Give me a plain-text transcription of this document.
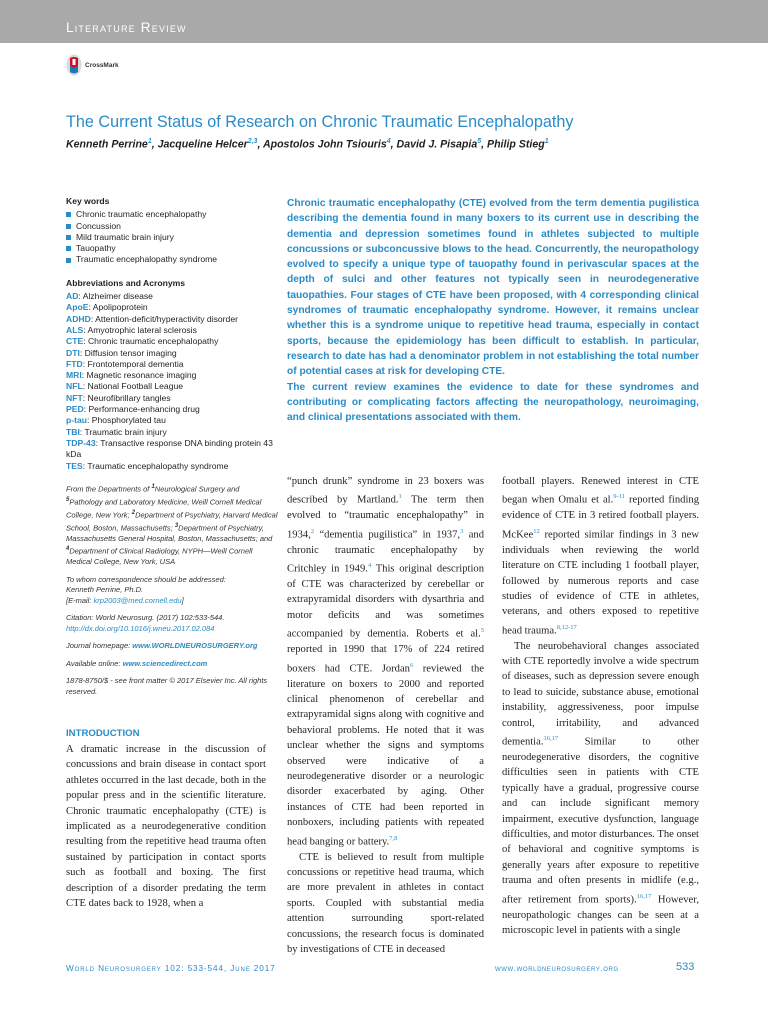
Literature Review
CrossMark
The Current Status of Research on Chronic Traumatic Encephalopathy
Kenneth Perrine$^1$, Jacqueline Helcer$^{2,3}$, Apostolos John Tsiouris$^4$, David J. Pisapia$^5$, Philip Stieg$^1$
Key words
Chronic traumatic encephalopathy
Concussion
Mild traumatic brain injury
Tauopathy
Traumatic encephalopathy syndrome
Abbreviations and Acronyms
AD: Alzheimer disease
ApoE: Apolipoprotein
ADHD: Attention-deficit/hyperactivity disorder
ALS: Amyotrophic lateral sclerosis
CTE: Chronic traumatic encephalopathy
DTI: Diffusion tensor imaging
FTD: Frontotemporal dementia
MRI: Magnetic resonance imaging
NFL: National Football League
NFT: Neurofibrillary tangles
PED: Performance-enhancing drug
p-tau: Phosphorylated tau
TBI: Traumatic brain injury
TDP-43: Transactive response DNA binding protein 43 kDa
TES: Traumatic encephalopathy syndrome

From the Departments of $^1$Neurological Surgery and $^5$Pathology and Laboratory Medicine, Weill Cornell Medical College, New York; $^2$Department of Psychiatry, Harvard Medical School, Boston, Massachusetts; $^3$Department of Psychiatry, Massachusetts General Hospital, Boston, Massachusetts; and $^4$Department of Clinical Radiology, NYPH—Weill Cornell Medical College, New York, USA

To whom correspondence should be addressed:
Kenneth Perrine, Ph.D.
[E-mail: krp2003@med.cornell.edu]

Citation: World Neurosurg. (2017) 102:533-544.
http://dx.doi.org/10.1016/j.wneu.2017.02.084

Journal homepage: www.WORLDNEUROSURGERY.org

Available online: www.sciencedirect.com

1878-8750/$ - see front matter © 2017 Elsevier Inc. All rights reserved.

Chronic traumatic encephalopathy (CTE) evolved from the term dementia pugilistica describing the dementia found in many boxers to its current use in describing the dementia and depression sometimes found in athletes subjected to multiple concussions or subconcussive blows to the head. Concurrently, the neuropathology evolved to specify a unique type of tauopathy found in perivascular spaces at the depth of sulci and other features not typically seen in neurodegenerative tauopathies. Four stages of CTE have been proposed, with 4 corresponding clinical syndromes of traumatic encephalopathy syndrome. However, it remains unclear whether this is a syndrome unique to repetitive head trauma, especially in contact sports, because the epidemiology has been difficult to establish. In particular, research to date has had a denominator problem in not establishing the total number of potential cases at risk for developing CTE.

The current review examines the evidence to date for these syndromes and contributing or complicating factors affecting the neuropathology, neuroimaging, and clinical presentations associated with them.

INTRODUCTION

A dramatic increase in the discussion of concussions and brain disease in contact sport athletes occurred in the last decade, both in the popular press and in the scientific literature. Chronic traumatic encephalopathy (CTE) is implicated as a neurodegenerative condition resulting from the repetitive head trauma often sustained by participation in contact sports such as football and boxing. The first description of a disorder predating the term CTE dates back to 1928, when a

“punch drunk” syndrome in 23 boxers was described by Martland.$^1$ The term then evolved to “traumatic encephalopathy” in 1934,$^2$ “dementia pugilistica” in 1937,$^3$ and chronic traumatic encephalopathy by Critchley in 1949.$^4$ This original description of CTE was characterized by cerebellar or extrapyramidal disorders with dysarthria and motor deficits and was sometimes accompanied by dementia. Roberts et al.$^5$ reported in 1990 that 17% of 224 retired boxers had CTE. Jordan$^6$ reviewed the literature on boxers to 2000 and reported clinical phenomenon of cerebellar and extrapyramidal signs along with cognitive and behavioral problems. He noted that it was unclear whether the signs and symptoms observed were indicative of a neurodegenerative disorder or a neurologic disorder exacerbated by aging. Other instances of CTE had been reported in nonboxers, including patients with repeated head banging or battery.$^{7,8}$

CTE is believed to result from multiple concussions or repetitive head trauma, which are more prevalent in athletes in contact sports. Coupled with substantial media attention surrounding sport-related concussions, the research focus is dominated by investigations of CTE in deceased

football players. Renewed interest in CTE began when Omalu et al.$^{9-11}$ reported finding evidence of CTE in 3 retired football players. McKee$^{12}$ reported similar findings in 3 new individuals when reviewing the world literature on CTE including 1 football player, followed by numerous reports and case studies of evidence of CTE in athletes, veterans, and others exposed to repetitive head trauma.$^{8,12-17}$

The neurobehavioral changes associated with CTE reportedly involve a wide spectrum of diseases, such as depression severe enough to lead to suicide, substance abuse, emotional instability, aggressiveness, poor impulse control, irritability, and advanced dementia.$^{16,17}$ Similar to other neurodegenerative disorders, the cognitive difficulties seen in patients with CTE typically have a gradual, progressive course and can include significant memory impairment, executive dysfunction, language difficulties, and motor disturbances. The onset of behavioral and cognitive symptoms is generally years after exposure to repetitive trauma and often presents in midlife (e.g., after retirement from sports).$^{16,17}$ However, neuropathologic changes can be seen at a microscopic level in patients with a single

World Neurosurgery 102: 533-544, June 2017	www.worldneurosurgery.org	533
